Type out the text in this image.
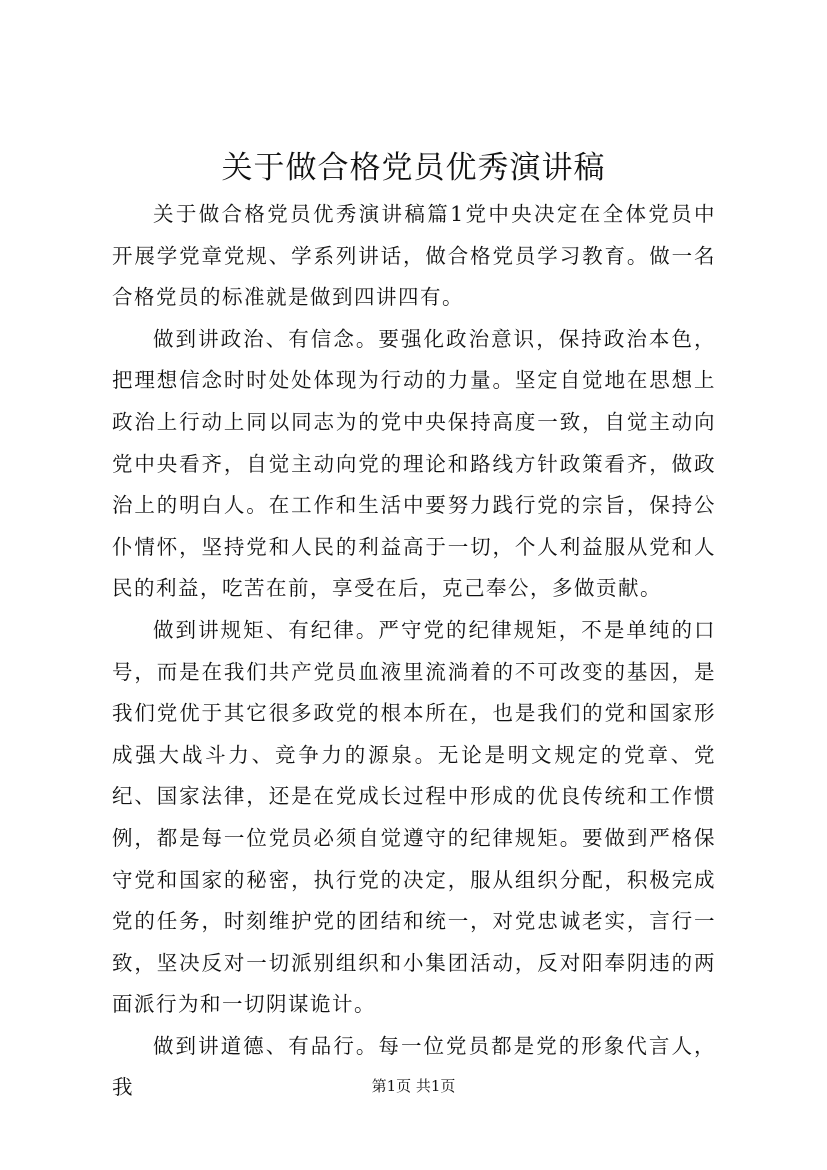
关于做合格党员优秀演讲稿

关于做合格党员优秀演讲稿篇1党中央决定在全体党员中开展学党章党规、学系列讲话，做合格党员学习教育。做一名合格党员的标准就是做到四讲四有。

做到讲政治、有信念。要强化政治意识，保持政治本色，把理想信念时时处处体现为行动的力量。坚定自觉地在思想上政治上行动上同以同志为的党中央保持高度一致，自觉主动向党中央看齐，自觉主动向党的理论和路线方针政策看齐，做政治上的明白人。在工作和生活中要努力践行党的宗旨，保持公仆情怀，坚持党和人民的利益高于一切，个人利益服从党和人民的利益，吃苦在前，享受在后，克己奉公，多做贡献。

做到讲规矩、有纪律。严守党的纪律规矩，不是单纯的口号，而是在我们共产党员血液里流淌着的不可改变的基因，是我们党优于其它很多政党的根本所在，也是我们的党和国家形成强大战斗力、竞争力的源泉。无论是明文规定的党章、党纪、国家法律，还是在党成长过程中形成的优良传统和工作惯例，都是每一位党员必须自觉遵守的纪律规矩。要做到严格保守党和国家的秘密，执行党的决定，服从组织分配，积极完成党的任务，时刻维护党的团结和统一，对党忠诚老实，言行一致，坚决反对一切派别组织和小集团活动，反对阳奉阴违的两面派行为和一切阴谋诡计。

做到讲道德、有品行。每一位党员都是党的形象代言人，我	第1页 共1页
